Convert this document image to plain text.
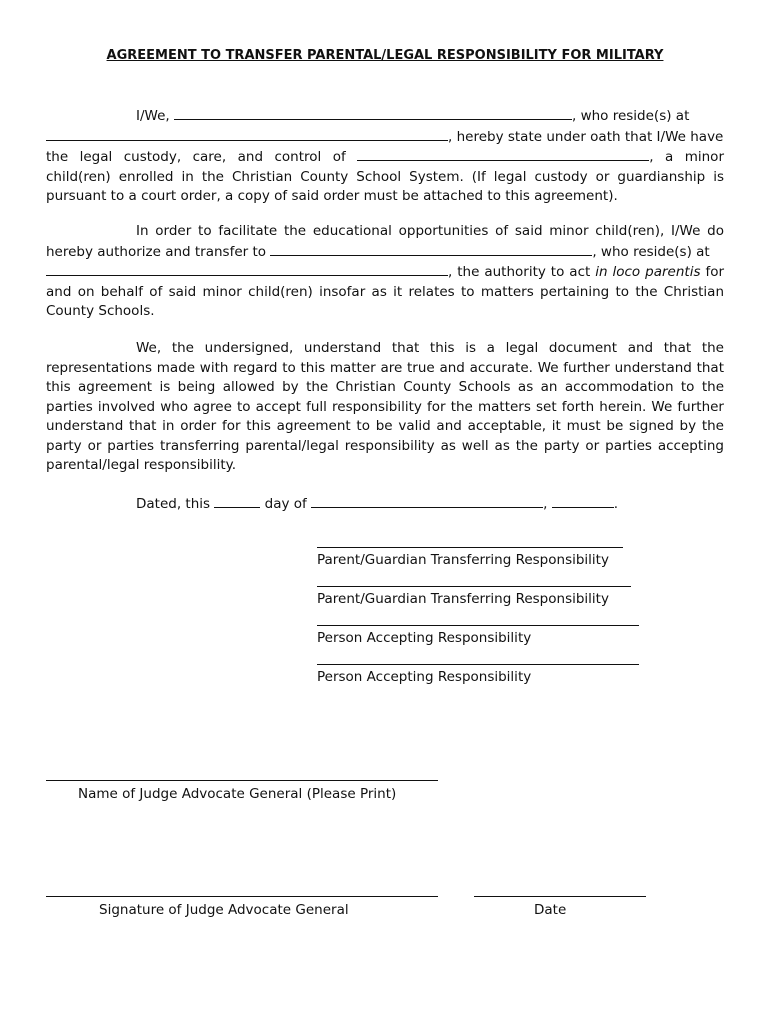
AGREEMENT TO TRANSFER PARENTAL/LEGAL RESPONSIBILITY FOR MILITARY

I/We,	, who reside(s) at
, hereby state under oath that I/We have
the legal custody, care, and control of	, a minor child(ren) enrolled in the Christian County School System. (If legal custody or guardianship is pursuant to a court order, a copy of said order must be attached to this agreement).

In order to facilitate the educational opportunities of said minor child(ren), I/We do hereby authorize and transfer to	, who reside(s) at
, the authority to act in loco parentis for and on behalf of said minor child(ren) insofar as it relates to matters pertaining to the Christian County Schools.

We, the undersigned, understand that this is a legal document and that the representations made with regard to this matter are true and accurate. We further understand that this agreement is being allowed by the Christian County Schools as an accommodation to the parties involved who agree to accept full responsibility for the matters set forth herein. We further understand that in order for this agreement to be valid and acceptable, it must be signed by the party or parties transferring parental/legal responsibility as well as the party or parties accepting parental/legal responsibility.

Dated, this	day of	,	.
Parent/Guardian Transferring Responsibility
Parent/Guardian Transferring Responsibility
Person Accepting Responsibility
Person Accepting Responsibility
Name of Judge Advocate General (Please Print)
Signature of Judge Advocate General	Date
